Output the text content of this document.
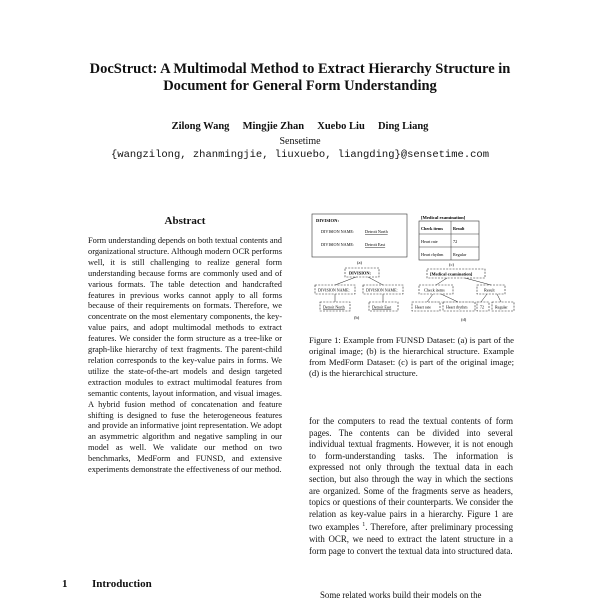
DocStruct: A Multimodal Method to Extract Hierarchy Structure in
Document for General Form Understanding
Zilong Wang Mingjie Zhan Xuebo Liu Ding Liang
Sensetime
{wangzilong, zhanmingjie, liuxuebo, liangding}@sensetime.com
Abstract
Form understanding depends on both textual contents and organizational structure. Although modern OCR performs well, it is still challenging to realize general form understanding because forms are commonly used and of various formats. The table detection and handcrafted features in previous works cannot apply to all forms because of their requirements on formats. Therefore, we concentrate on the most elementary components, the key-value pairs, and adopt multimodal methods to extract features. We consider the form structure as a tree-like or graph-like hierarchy of text fragments. The parent-child relation corresponds to the key-value pairs in forms. We utilize the state-of-the-art models and design targeted extraction modules to extract multimodal features from semantic contents, layout information, and visual images. A hybrid fusion method of concatenation and feature shifting is designed to fuse the heterogeneous features and provide an informative joint representation. We adopt an asymmetric algorithm and negative sampling in our model as well. We validate our method on two benchmarks, MedForm and FUNSD, and extensive experiments demonstrate the effectiveness of our method.
1 Introduction
DIVISION:
DIVISION NAME:	Detroit North
DIVISION NAME:	Detroit East
(a)
[Medical examination]
Check items Result
Heart rate	72
Heart rhythm Regular
(c)
DIVISION:
DIVISION NAME:	DIVISION NAME:
Detroit North	Detroit East
(b)
[Medical examination]
Check items	Result
Heart rate	Heart rhythm	72	Regular
(d)
Figure 1: Example from FUNSD Dataset: (a) is part of the original image; (b) is the hierarchical structure. Example from MedForm Dataset: (c) is part of the original image; (d) is the hierarchical structure.
for the computers to read the textual contents of form pages. The contents can be divided into several individual textual fragments. However, it is not enough to form-understanding tasks. The information is expressed not only through the textual data in each section, but also through the way in which the sections are organized. Some of the fragments serve as headers, topics or questions of their counterparts. We consider the relation as key-value pairs in a hierarchy. Figure 1 are two examples $^1$. Therefore, after preliminary processing with OCR, we need to extract the latent structure in a form page to convert the textual data into structured data.
Some related works build their models on the
